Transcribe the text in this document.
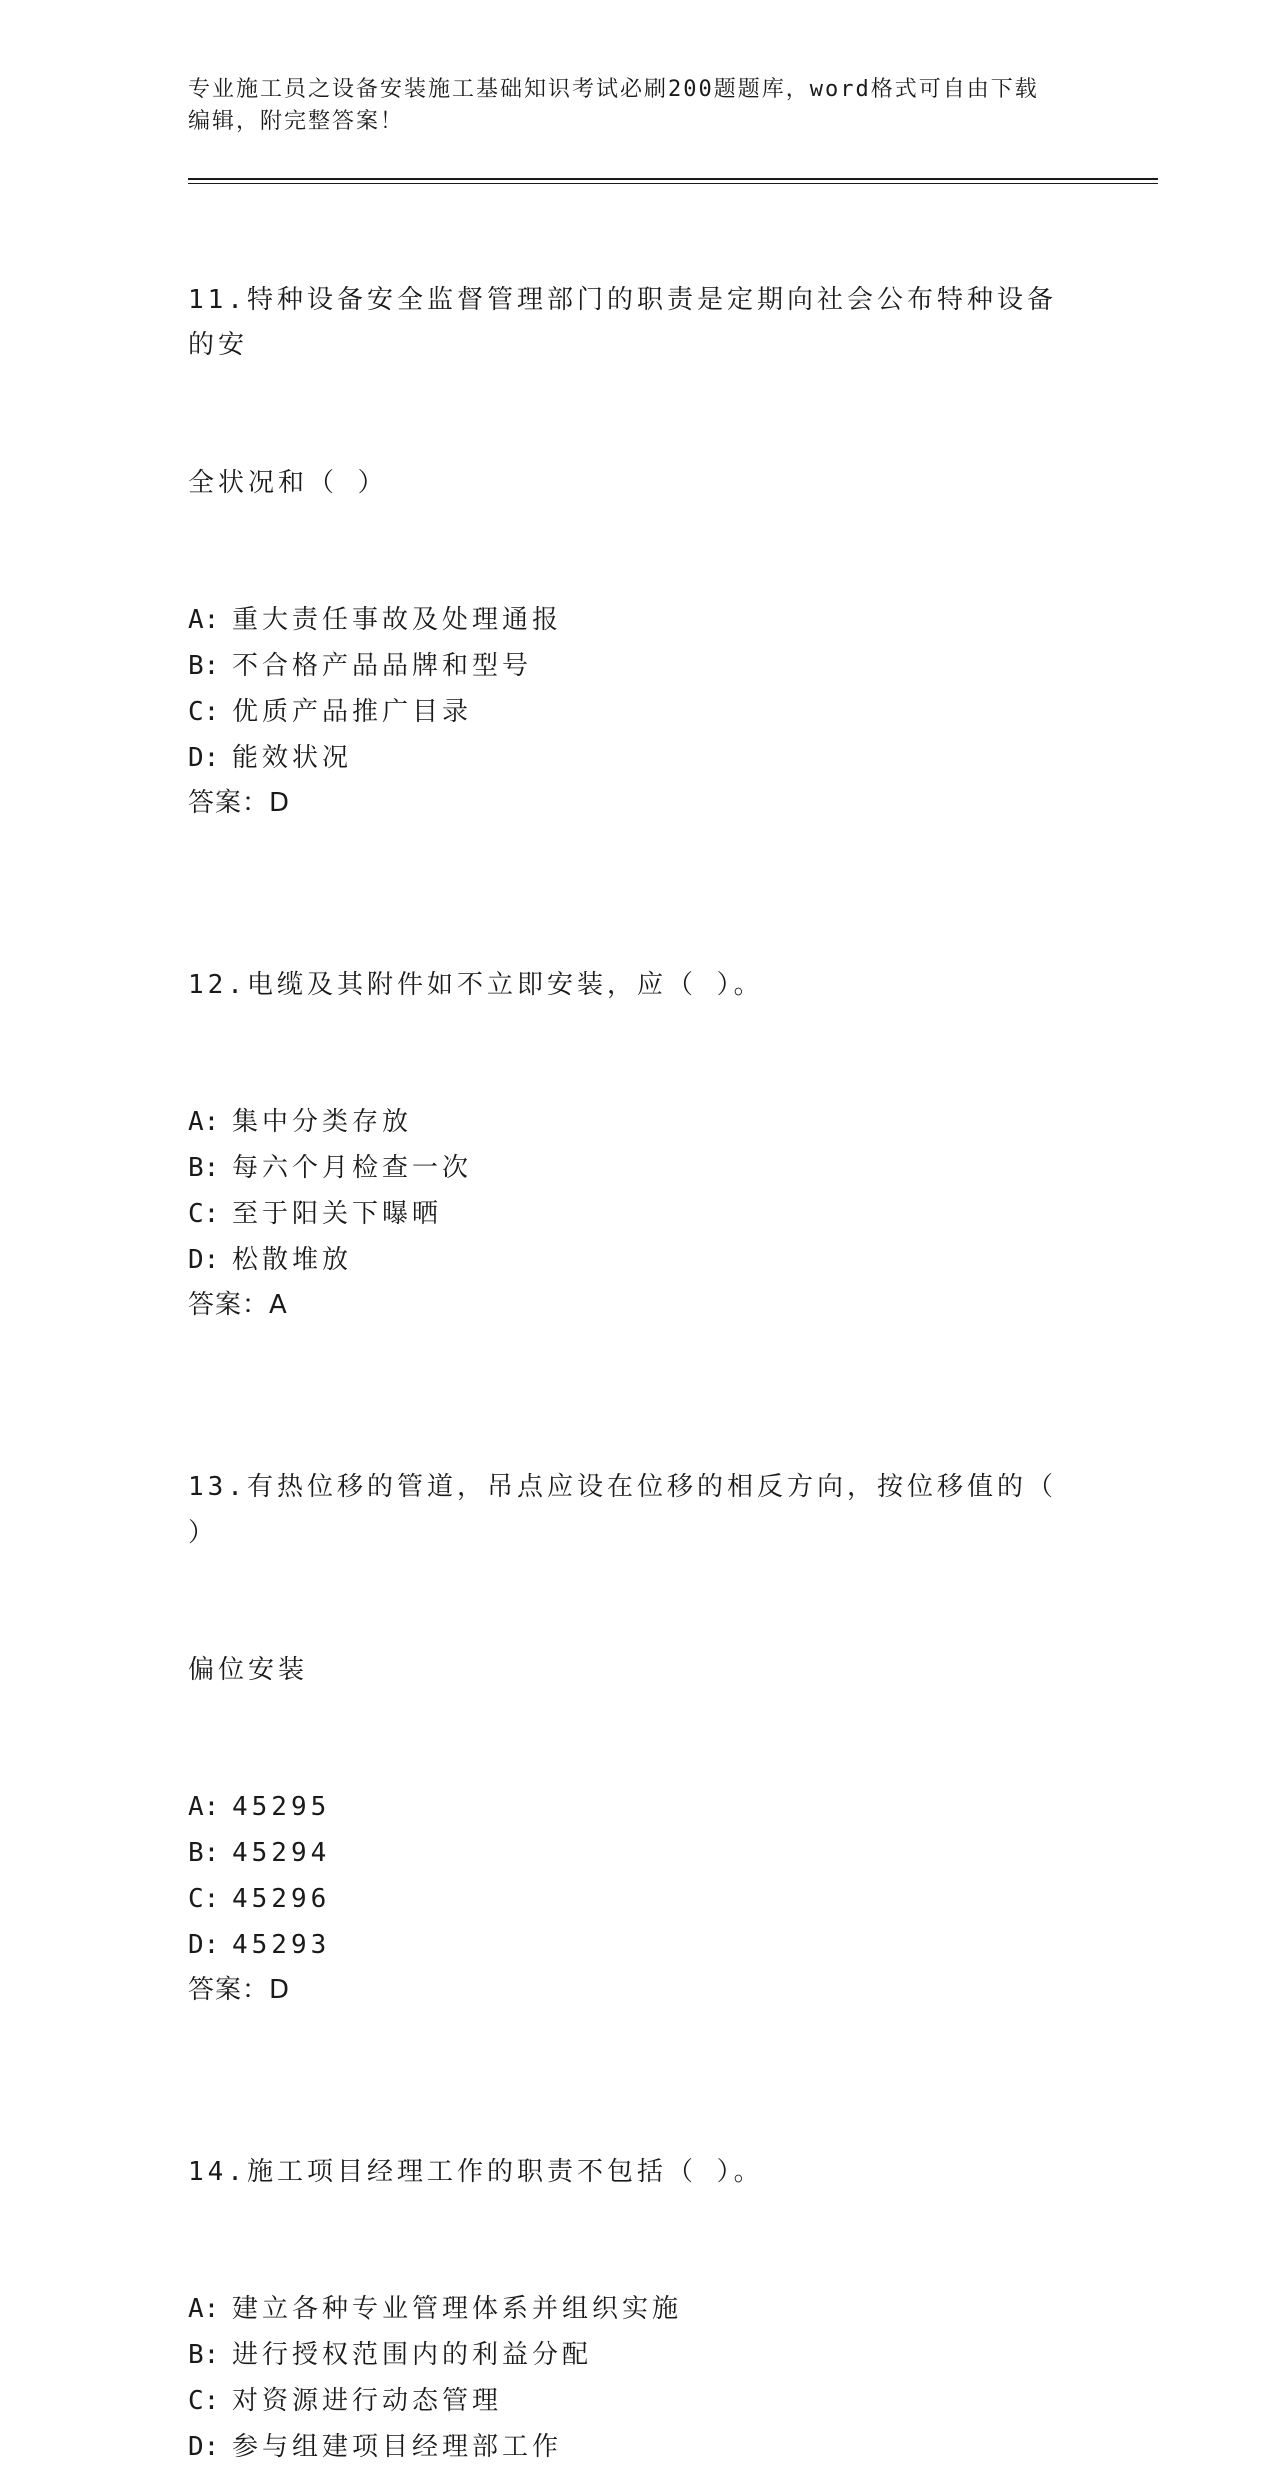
专业施工员之设备安装施工基础知识考试必刷200题题库，word格式可自由下载
编辑，附完整答案！

11.特种设备安全监督管理部门的职责是定期向社会公布特种设备的安

全状况和（ ）

A: 重大责任事故及处理通报
B: 不合格产品品牌和型号
C: 优质产品推广目录
D: 能效状况
答案：D

12.电缆及其附件如不立即安装，应（ ）。

A: 集中分类存放
B: 每六个月检查一次
C: 至于阳关下曝晒
D: 松散堆放
答案：A

13.有热位移的管道，吊点应设在位移的相反方向，按位移值的（ ）

偏位安装

A: 45295
B: 45294
C: 45296
D: 45293
答案：D

14.施工项目经理工作的职责不包括（ ）。

A: 建立各种专业管理体系并组织实施
B: 进行授权范围内的利益分配
C: 对资源进行动态管理
D: 参与组建项目经理部工作
